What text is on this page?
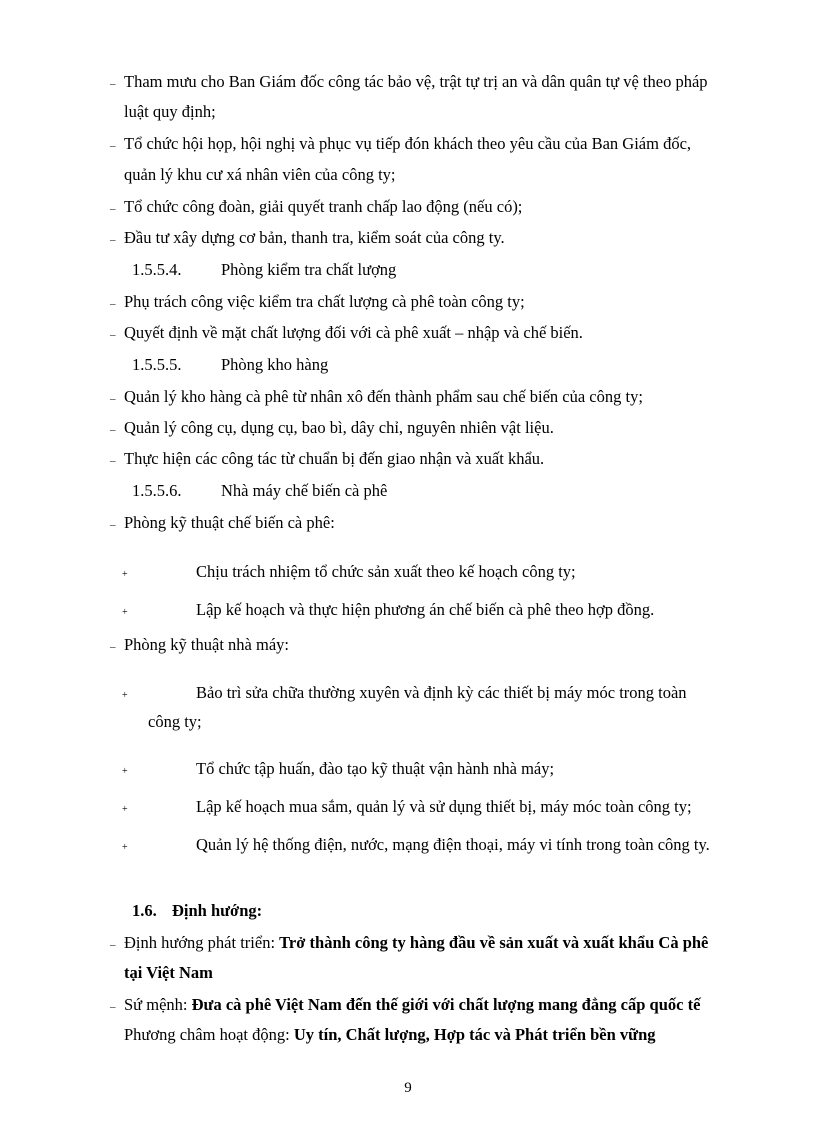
– Tham mưu cho Ban Giám đốc công tác bảo vệ, trật tự trị an và dân quân tự vệ theo pháp
luật quy định;
– Tổ chức hội họp, hội nghị và phục vụ tiếp đón khách theo yêu cầu của Ban Giám đốc,
quản lý khu cư xá nhân viên của công ty;
– Tổ chức công đoàn, giải quyết tranh chấp lao động (nếu có);
– Đầu tư xây dựng cơ bản, thanh tra, kiểm soát của công ty.
1.5.5.4. Phòng kiểm tra chất lượng
– Phụ trách công việc kiểm tra chất lượng cà phê toàn công ty;
– Quyết định về mặt chất lượng đối với cà phê xuất – nhập và chế biến.
1.5.5.5. Phòng kho hàng
– Quản lý kho hàng cà phê từ nhân xô đến thành phẩm sau chế biến của công ty;
– Quản lý công cụ, dụng cụ, bao bì, dây chỉ, nguyên nhiên vật liệu.
– Thực hiện các công tác từ chuẩn bị đến giao nhận và xuất khẩu.
1.5.5.6. Nhà máy chế biến cà phê
– Phòng kỹ thuật chế biến cà phê:
+	Chịu trách nhiệm tổ chức sản xuất theo kế hoạch công ty;
+	Lập kế hoạch và thực hiện phương án chế biến cà phê theo hợp đồng.
– Phòng kỹ thuật nhà máy:
+	Bảo trì sửa chữa thường xuyên và định kỳ các thiết bị máy móc trong toàn
công ty;
+	Tổ chức tập huấn, đào tạo kỹ thuật vận hành nhà máy;
+	Lập kế hoạch mua sắm, quản lý và sử dụng thiết bị, máy móc toàn công ty;
+	Quản lý hệ thống điện, nước, mạng điện thoại, máy vi tính trong toàn công ty.
1.6. Định hướng:
– Định hướng phát triển: Trở thành công ty hàng đầu về sản xuất và xuất khẩu Cà phê
tại Việt Nam
– Sứ mệnh: Đưa cà phê Việt Nam đến thế giới với chất lượng mang đẳng cấp quốc tế
Phương châm hoạt động: Uy tín, Chất lượng, Hợp tác và Phát triển bền vững
9
